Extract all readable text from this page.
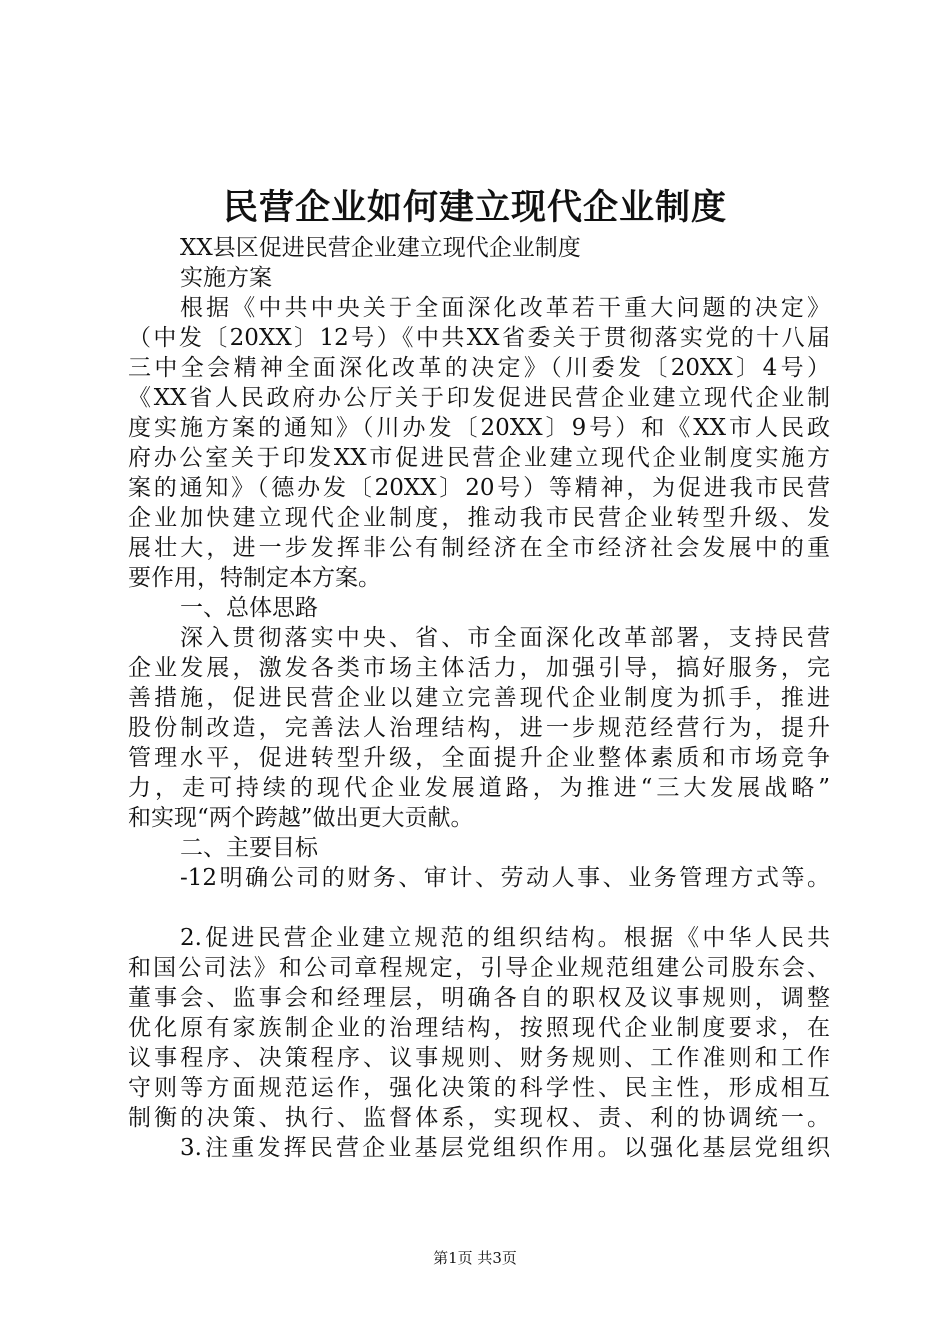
民营企业如何建立现代企业制度
XX县区促进民营企业建立现代企业制度
实施方案
根据《中共中央关于全面深化改革若干重大问题的决定》
（中发〔20XX〕12号）《中共XX省委关于贯彻落实党的十八届
三中全会精神全面深化改革的决定》（川委发〔20XX〕4号）
《XX省人民政府办公厅关于印发促进民营企业建立现代企业制
度实施方案的通知》（川办发〔20XX〕9号）和《XX市人民政
府办公室关于印发XX市促进民营企业建立现代企业制度实施方
案的通知》（德办发〔20XX〕20号）等精神，为促进我市民营
企业加快建立现代企业制度，推动我市民营企业转型升级、发
展壮大，进一步发挥非公有制经济在全市经济社会发展中的重
要作用，特制定本方案。
一、总体思路
深入贯彻落实中央、省、市全面深化改革部署，支持民营
企业发展，激发各类市场主体活力，加强引导，搞好服务，完
善措施，促进民营企业以建立完善现代企业制度为抓手，推进
股份制改造，完善法人治理结构，进一步规范经营行为，提升
管理水平，促进转型升级，全面提升企业整体素质和市场竞争
力，走可持续的现代企业发展道路，为推进“三大发展战略”
和实现“两个跨越”做出更大贡献。
二、主要目标
-12明确公司的财务、审计、劳动人事、业务管理方式等。
2.促进民营企业建立规范的组织结构。根据《中华人民共
和国公司法》和公司章程规定，引导企业规范组建公司股东会、
董事会、监事会和经理层，明确各自的职权及议事规则，调整
优化原有家族制企业的治理结构，按照现代企业制度要求，在
议事程序、决策程序、议事规则、财务规则、工作准则和工作
守则等方面规范运作，强化决策的科学性、民主性，形成相互
制衡的决策、执行、监督体系，实现权、责、利的协调统一。
3.注重发挥民营企业基层党组织作用。以强化基层党组织
第1页 共3页
